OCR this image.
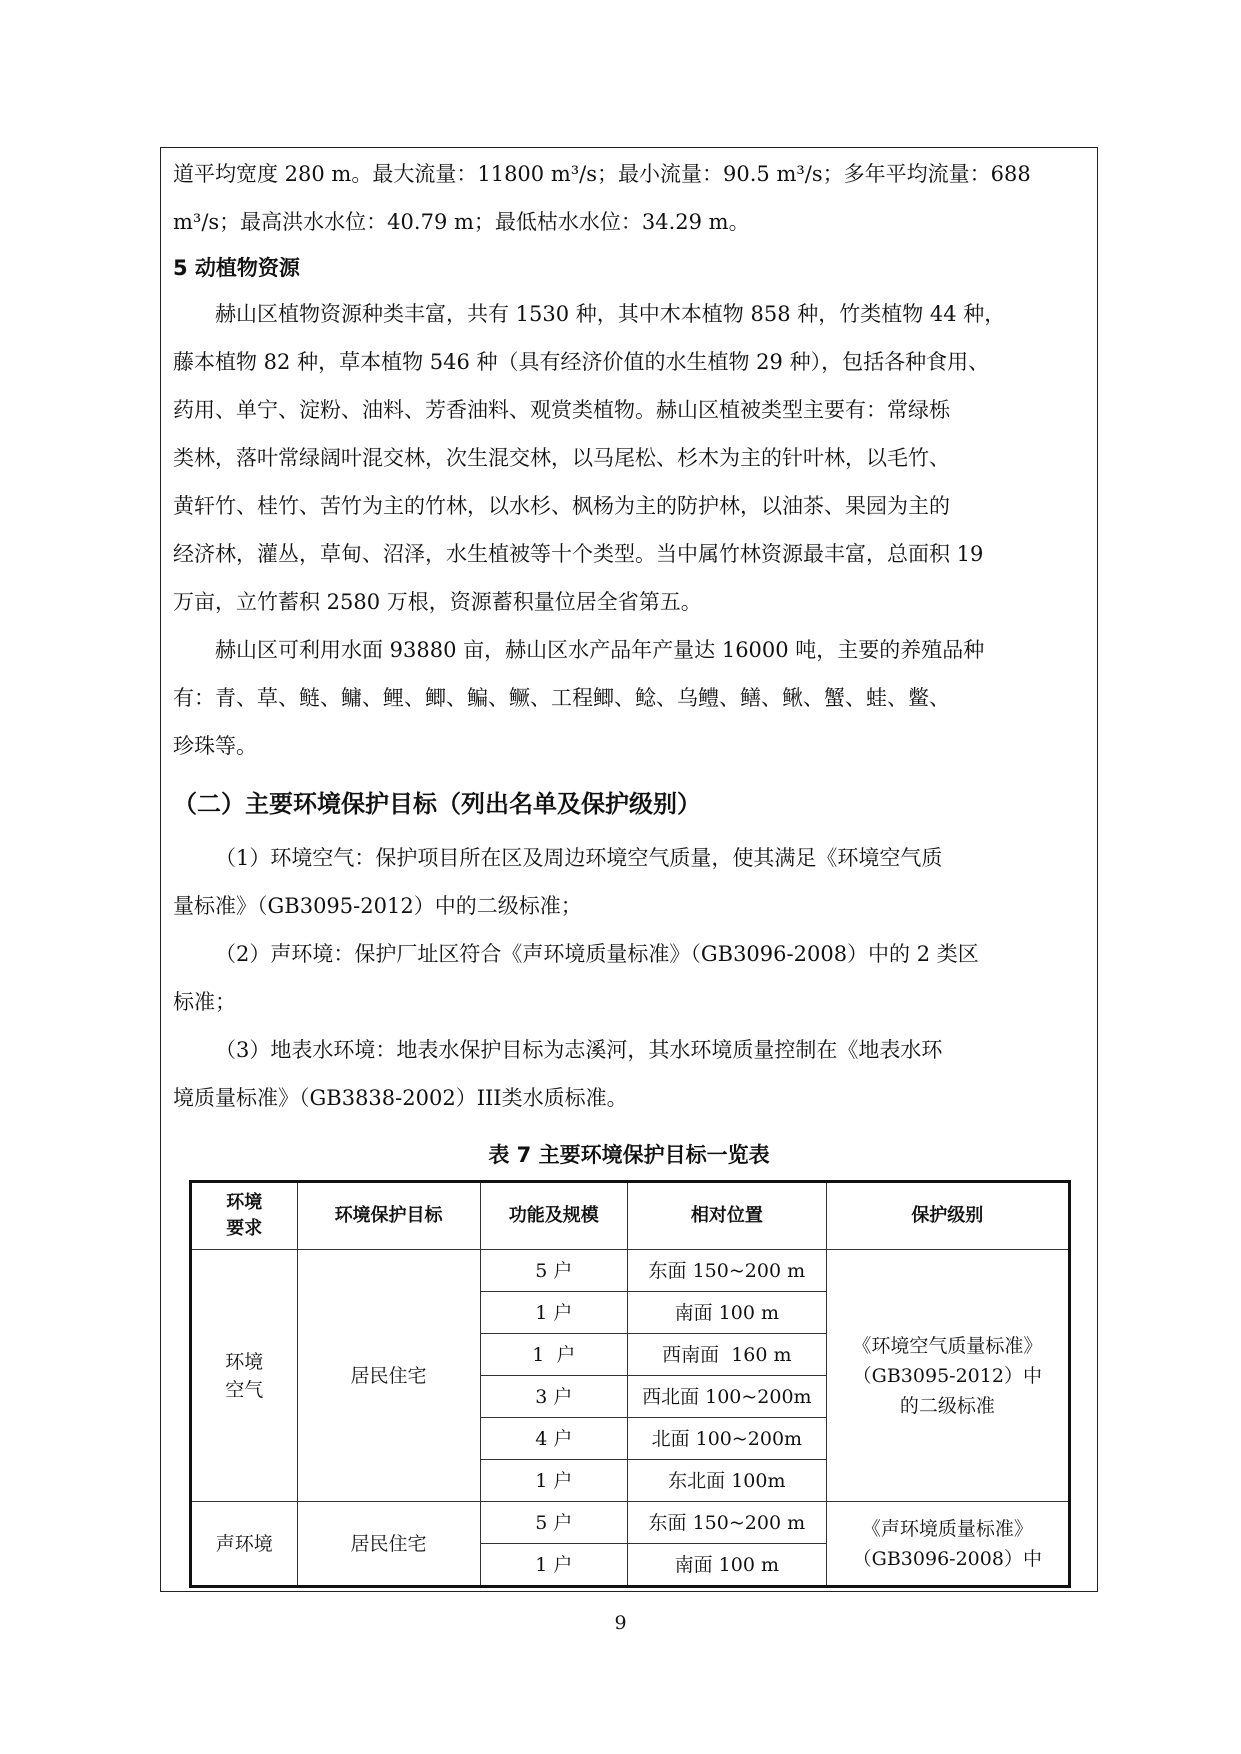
道平均宽度 280 m。最大流量：11800 m³/s；最小流量：90.5 m³/s；多年平均流量：688

m³/s；最高洪水水位：40.79 m；最低枯水水位：34.29 m。

5 动植物资源

赫山区植物资源种类丰富，共有 1530 种，其中木本植物 858 种，竹类植物 44 种，

藤本植物 82 种，草本植物 546 种（具有经济价值的水生植物 29 种），包括各种食用、

药用、单宁、淀粉、油料、芳香油料、观赏类植物。赫山区植被类型主要有：常绿栎

类林，落叶常绿阔叶混交林，次生混交林，以马尾松、杉木为主的针叶林，以毛竹、

黄轩竹、桂竹、苦竹为主的竹林，以水杉、枫杨为主的防护林，以油茶、果园为主的

经济林，灌丛，草甸、沼泽，水生植被等十个类型。当中属竹林资源最丰富，总面积 19

万亩，立竹蓄积 2580 万根，资源蓄积量位居全省第五。

赫山区可利用水面 93880 亩，赫山区水产品年产量达 16000 吨，主要的养殖品种

有：青、草、鲢、鳙、鲤、鲫、鳊、鳜、工程鲫、鲶、乌鳢、鳝、鳅、蟹、蛙、鳖、

珍珠等。

（二）主要环境保护目标（列出名单及保护级别）

（1）环境空气：保护项目所在区及周边环境空气质量，使其满足《环境空气质

量标准》（GB3095-2012）中的二级标准；

（2）声环境：保护厂址区符合《声环境质量标准》（GB3096-2008）中的 2 类区

标准；

（3）地表水环境：地表水保护目标为志溪河，其水环境质量控制在《地表水环

境质量标准》（GB3838-2002）III类水质标准。

表 7 主要环境保护目标一览表
环境
要求	环境保护目标	功能及规模	相对位置	保护级别
环境
空气	居民住宅	5 户	东面 150~200 m	《环境空气质量标准》（GB3095-2012）中的二级标准
		1 户	南面 100 m	
		1  户	西南面  160 m	
		3 户	西北面 100~200m	
		4 户	北面 100~200m	
		1 户	东北面 100m	
声环境	居民住宅	5 户	东面 150~200 m	《声环境质量标准》（GB3096-2008）中
		1 户	南面 100 m	
9
